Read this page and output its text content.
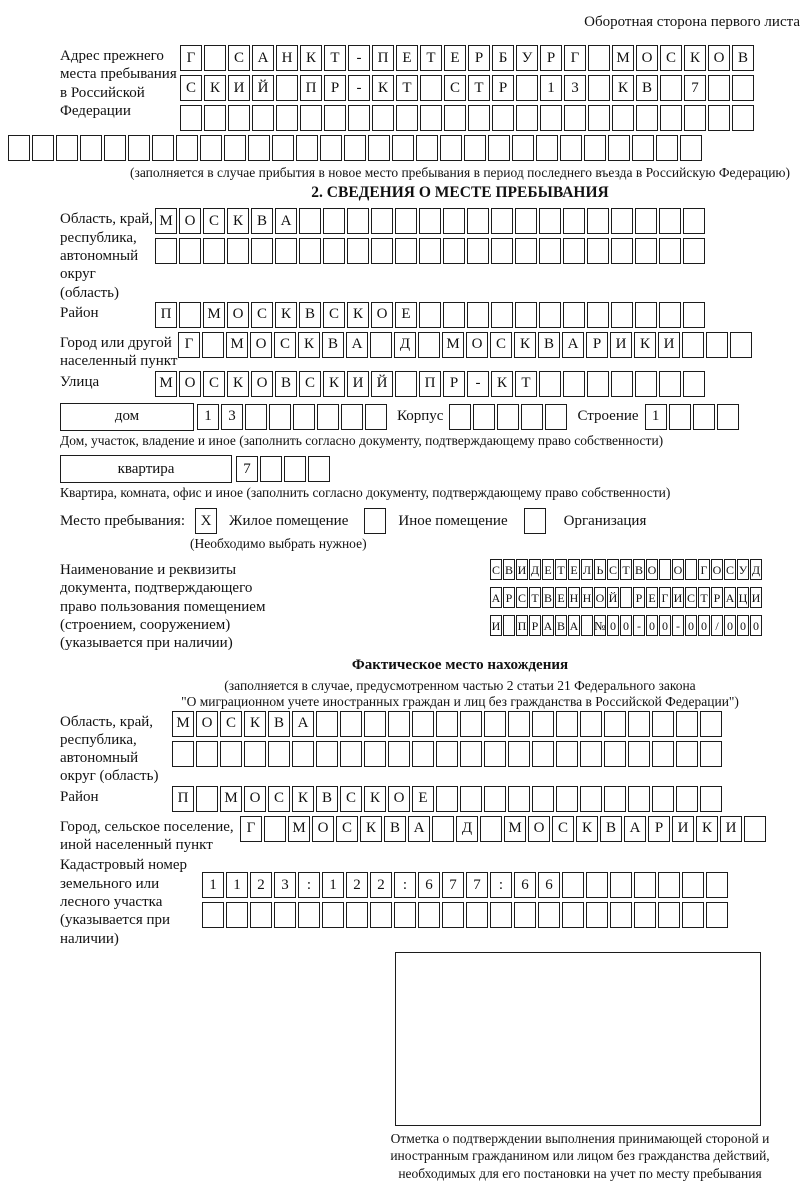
Оборотная сторона первого листа
Адрес прежнего места пребывания в Российской Федерации
Г	С А Н К Т	-	П Е Т Е	Р	Б У Р	Г	М О С К О В
С К И Й	П Р	-	К Т	С Т	Р	1	3	К В	7
(заполняется в случае прибытия в новое место пребывания в период последнего въезда в Российскую Федерацию)
2. СВЕДЕНИЯ О МЕСТЕ ПРЕБЫВАНИЯ
Область, край, республика, автономный округ (область)
М О С К В А
Район	П	М О С К В С К О Е
Город или другой населенный пункт
Г	М О С К В А	Д	М О С К В А Р И К И
Улица	М О С К О В С К И Й	П Р	-	К Т
дом	1	3	Корпус	Строение 1
Дом, участок, владение и иное (заполнить согласно документу, подтверждающему право собственности)
квартира	7
Квартира, комната, офис и иное (заполнить согласно документу, подтверждающему право собственности)
Место пребывания:	X	Жилое помещение	Иное помещение	Организация
(Необходимо выбрать нужное)
Наименование и реквизиты документа, подтверждающего право пользования помещением (строением, сооружением) (указывается при наличии)
С В И Д Е Т Е Л Ь С Т В О О Г О С У Д
А Р С Т В Е Н Н О Й Р Е Г И С Т Р А Ц И
И П Р А В А № 0 0 - 0 0 - 0 0 / 0 0 0
Фактическое место нахождения
(заполняется в случае, предусмотренном частью 2 статьи 21 Федерального закона
"О миграционном учете иностранных граждан и лиц без гражданства в Российской Федерации")
Область, край, республика, автономный округ (область)
М О С К В А
Район	П	М О С К В С К О Е
Город, сельское поселение, иной населенный пункт
Г	М О С К В А	Д	М О С К В А Р И К И
Кадастровый номер земельного или лесного участка (указывается при наличии)
1	1	2	3	:	1	2	2	:	6	7	7	:	6	6
Отметка о подтверждении выполнения принимающей стороной и иностранным гражданином или лицом без гражданства действий, необходимых для его постановки на учет по месту пребывания
